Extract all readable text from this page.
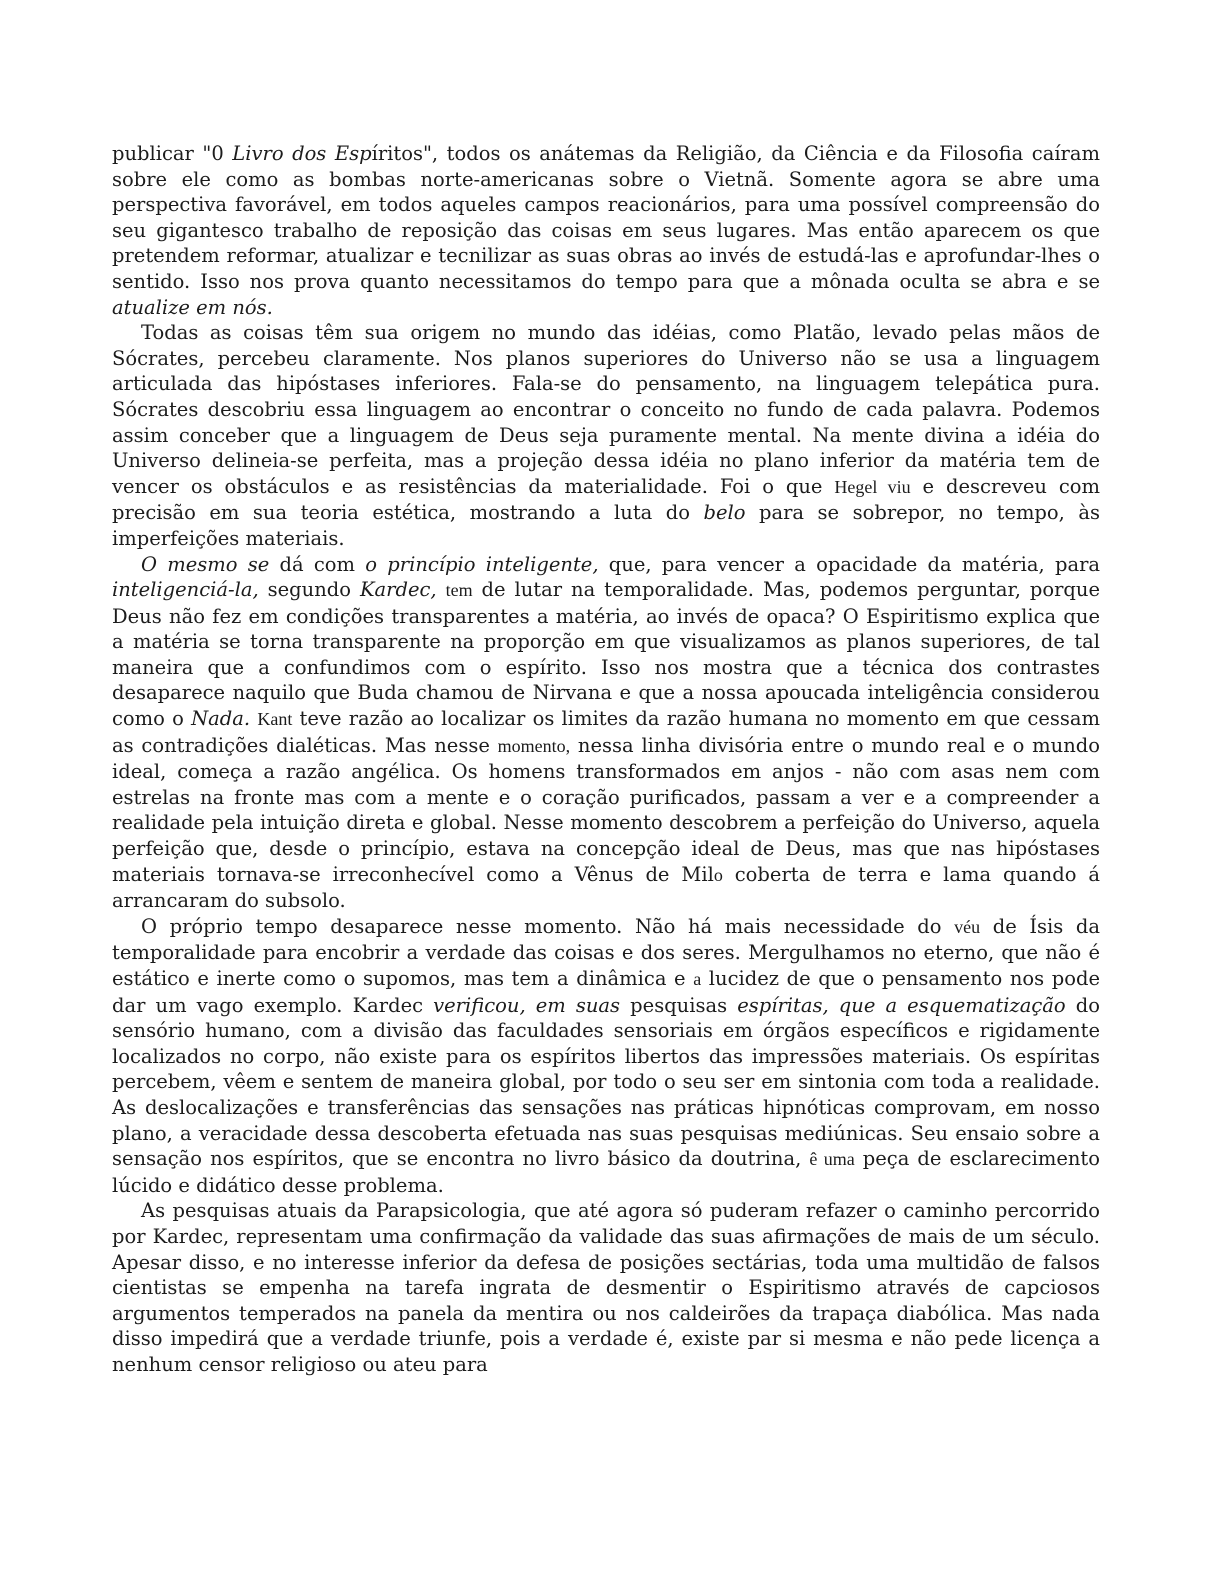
publicar "0 Livro dos Espíritos", todos os anátemas da Religião, da Ciência e da Filosofia caíram sobre ele como as bombas norte-americanas sobre o Vietnã. Somente agora se abre uma perspectiva favorável, em todos aqueles campos reacionários, para uma possível compreensão do seu gigantesco trabalho de reposição das coisas em seus lugares. Mas então aparecem os que pretendem reformar, atualizar e tecnilizar as suas obras ao invés de estudá-las e aprofundar-lhes o sentido. Isso nos prova quanto necessitamos do tempo para que a mônada oculta se abra e se atualize em nós.

Todas as coisas têm sua origem no mundo das idéias, como Platão, levado pelas mãos de Sócrates, percebeu claramente. Nos planos superiores do Universo não se usa a linguagem articulada das hipóstases inferiores. Fala-se do pensamento, na linguagem telepática pura. Sócrates descobriu essa linguagem ao encontrar o conceito no fundo de cada palavra. Podemos assim conceber que a linguagem de Deus seja puramente mental. Na mente divina a idéia do Universo delineia-se perfeita, mas a projeção dessa idéia no plano inferior da matéria tem de vencer os obstáculos e as resistências da materialidade. Foi o que Hegel viu e descreveu com precisão em sua teoria estética, mostrando a luta do belo para se sobrepor, no tempo, às imperfeições materiais.

O mesmo se dá com o princípio inteligente, que, para vencer a opacidade da matéria, para inteligenciá-la, segundo Kardec, tem de lutar na temporalidade. Mas, podemos perguntar, porque Deus não fez em condições transparentes a matéria, ao invés de opaca? O Espiritismo explica que a matéria se torna transparente na proporção em que visualizamos as planos superiores, de tal maneira que a confundimos com o espírito. Isso nos mostra que a técnica dos contrastes desaparece naquilo que Buda chamou de Nirvana e que a nossa apoucada inteligência considerou como o Nada. Kant teve razão ao localizar os limites da razão humana no momento em que cessam as contradições dialéticas. Mas nesse momento, nessa linha divisória entre o mundo real e o mundo ideal, começa a razão angélica. Os homens transformados em anjos - não com asas nem com estrelas na fronte mas com a mente e o coração purificados, passam a ver e a compreender a realidade pela intuição direta e global. Nesse momento descobrem a perfeição do Universo, aquela perfeição que, desde o princípio, estava na concepção ideal de Deus, mas que nas hipóstases materiais tornava-se irreconhecível como a Vênus de Milo coberta de terra e lama quando á arrancaram do subsolo.

O próprio tempo desaparece nesse momento. Não há mais necessidade do véu de Ísis da temporalidade para encobrir a verdade das coisas e dos seres. Mergulhamos no eterno, que não é estático e inerte como o supomos, mas tem a dinâmica e a lucidez de que o pensamento nos pode dar um vago exemplo. Kardec verificou, em suas pesquisas espíritas, que a esquematização do sensório humano, com a divisão das faculdades sensoriais em órgãos específicos e rigidamente localizados no corpo, não existe para os espíritos libertos das impressões materiais. Os espíritas percebem, vêem e sentem de maneira global, por todo o seu ser em sintonia com toda a realidade. As deslocalizações e transferências das sensações nas práticas hipnóticas comprovam, em nosso plano, a veracidade dessa descoberta efetuada nas suas pesquisas mediúnicas. Seu ensaio sobre a sensação nos espíritos, que se encontra no livro básico da doutrina, ê uma peça de esclarecimento lúcido e didático desse problema.

As pesquisas atuais da Parapsicologia, que até agora só puderam refazer o caminho percorrido por Kardec, representam uma confirmação da validade das suas afirmações de mais de um século. Apesar disso, e no interesse inferior da defesa de posições sectárias, toda uma multidão de falsos cientistas se empenha na tarefa ingrata de desmentir o Espiritismo através de capciosos argumentos temperados na panela da mentira ou nos caldeirões da trapaça diabólica. Mas nada disso impedirá que a verdade triunfe, pois a verdade é, existe par si mesma e não pede licença a nenhum censor religioso ou ateu para
